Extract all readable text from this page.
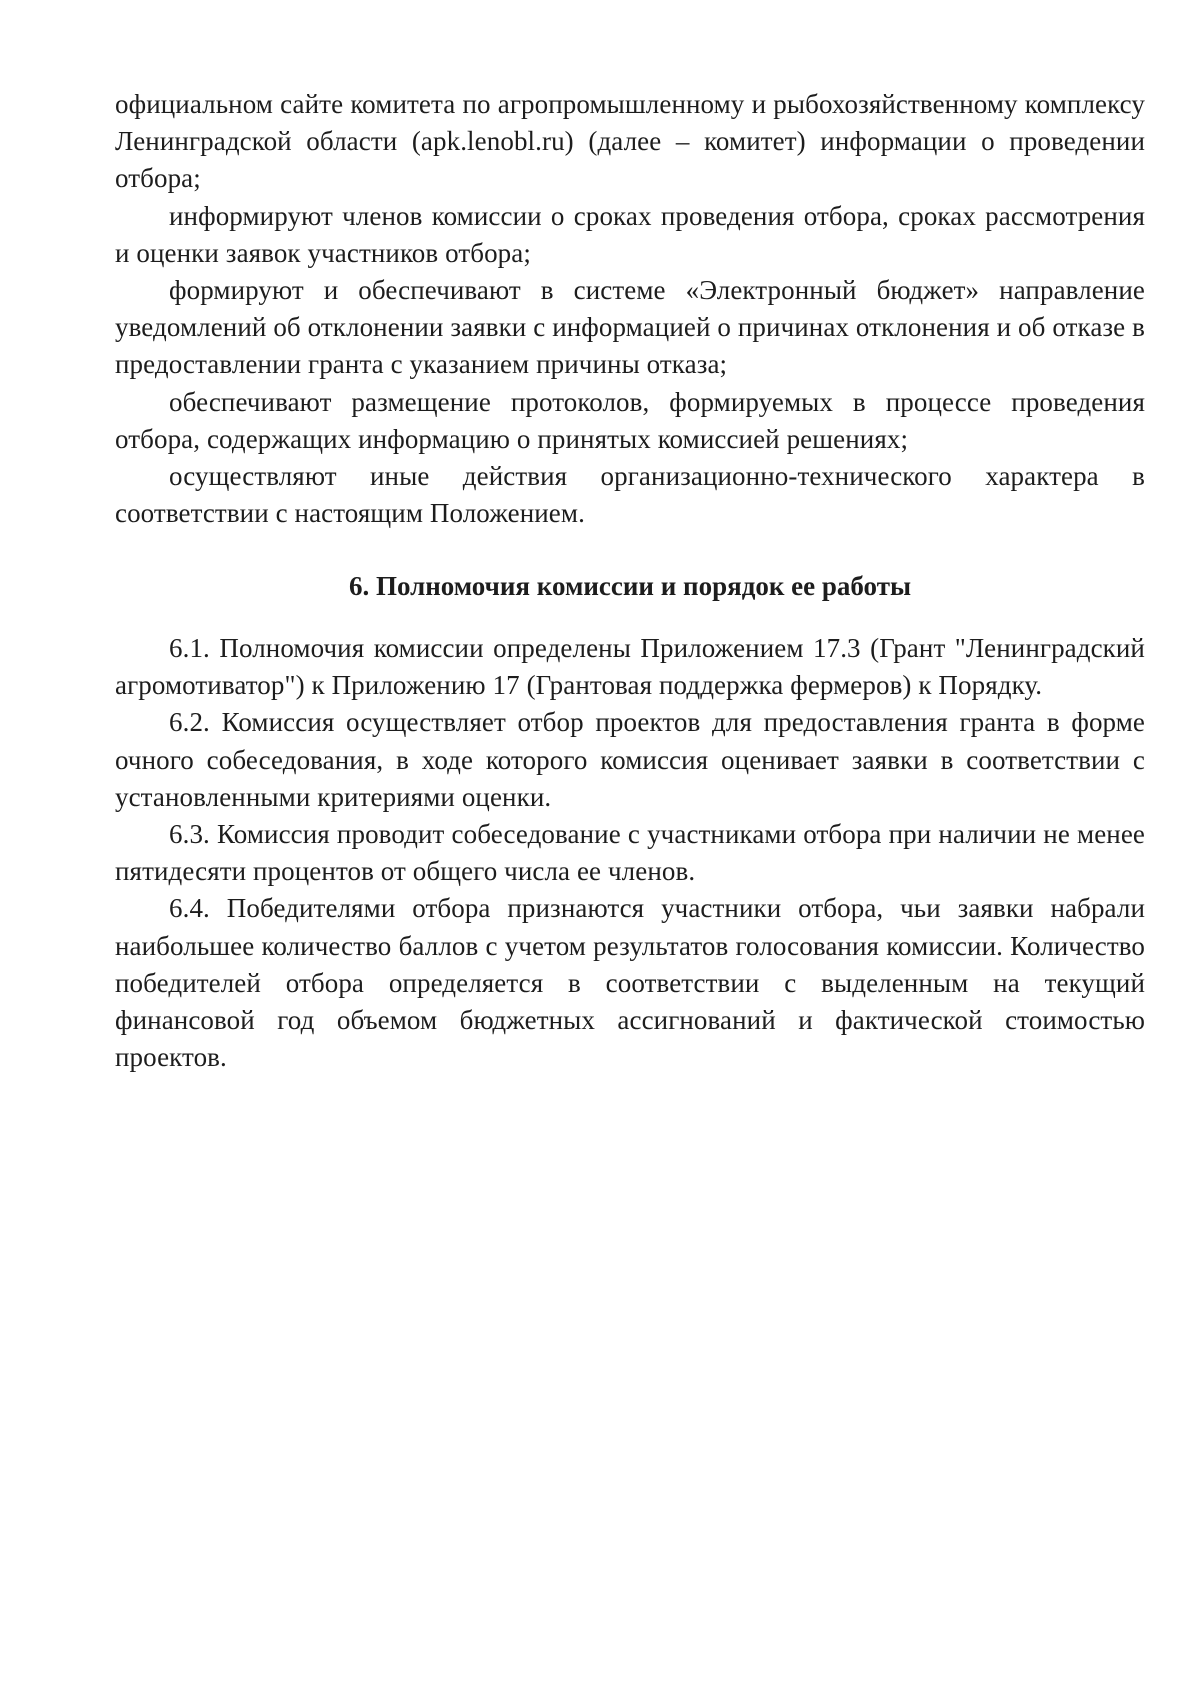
официальном сайте комитета по агропромышленному и рыбохозяйственному комплексу Ленинградской области (apk.lenobl.ru) (далее – комитет) информации о проведении отбора;

информируют членов комиссии о сроках проведения отбора, сроках рассмотрения и оценки заявок участников отбора;

формируют и обеспечивают в системе «Электронный бюджет» направление уведомлений об отклонении заявки с информацией о причинах отклонения и об отказе в предоставлении гранта с указанием причины отказа;

обеспечивают размещение протоколов, формируемых в процессе проведения отбора, содержащих информацию о принятых комиссией решениях;

осуществляют иные действия организационно-технического характера в соответствии с настоящим Положением.

6. Полномочия комиссии и порядок ее работы

6.1. Полномочия комиссии определены Приложением 17.3 (Грант "Ленинградский агромотиватор") к Приложению 17 (Грантовая поддержка фермеров) к Порядку.

6.2. Комиссия осуществляет отбор проектов для предоставления гранта в форме очного собеседования, в ходе которого комиссия оценивает заявки в соответствии с установленными критериями оценки.

6.3. Комиссия проводит собеседование с участниками отбора при наличии не менее пятидесяти процентов от общего числа ее членов.

6.4. Победителями отбора признаются участники отбора, чьи заявки набрали наибольшее количество баллов с учетом результатов голосования комиссии. Количество победителей отбора определяется в соответствии с выделенным на текущий финансовой год объемом бюджетных ассигнований и фактической стоимостью проектов.
